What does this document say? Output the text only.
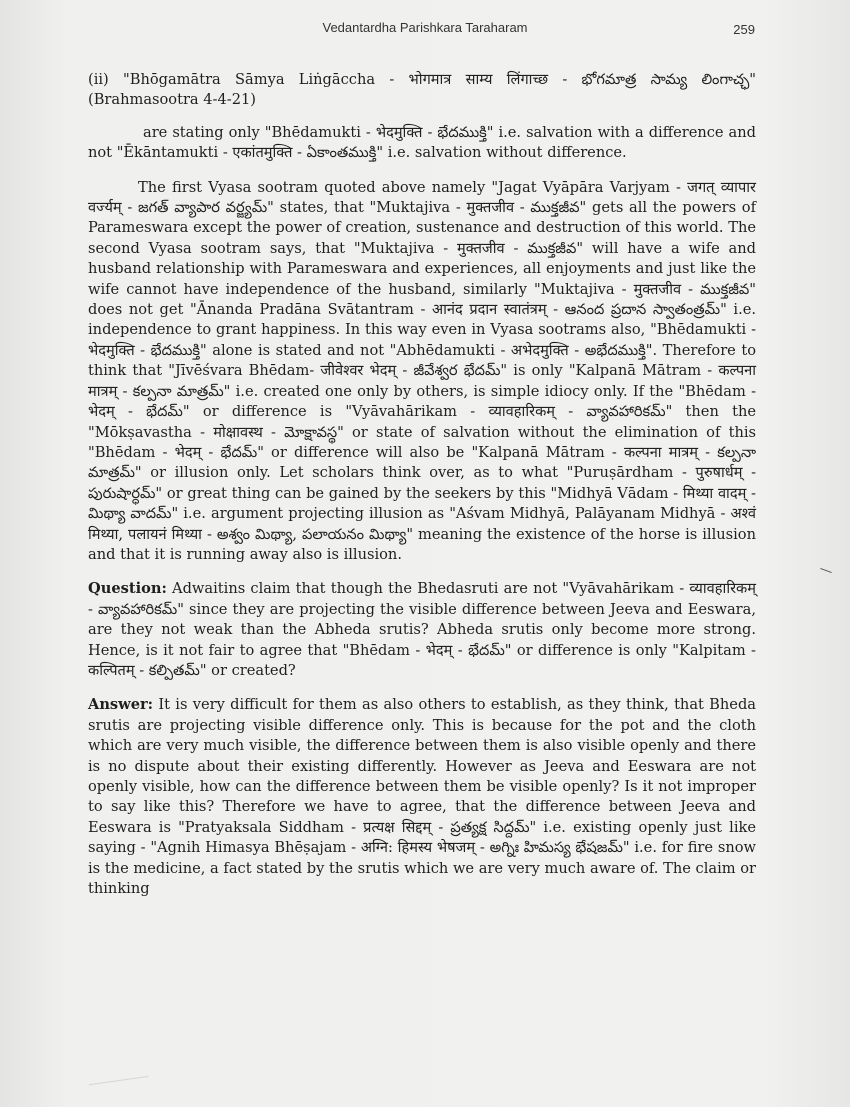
Vedantardha Parishkara Taraharam	259

(ii) "Bhōgamātra Sāmya Liṅgāccha - भोगमात्र साम्य लिंगाच्छ - భోగమాత్ర సామ్య లింగాచ్ఛ" (Brahmasootra 4-4-21)

are stating only "Bhēdamukti - भेदमुक्ति - భేదముక్తి" i.e. salvation with a difference and not "Ēkāntamukti - एकांतमुक्ति - ఏకాంతముక్తి" i.e. salvation without difference.

The first Vyasa sootram quoted above namely "Jagat Vyāpāra Varjyam - जगत् व्यापार वर्ज्यम् - జగత్ వ్యాపార వర్జ్యమ్" states, that "Muktajiva - मुक्तजीव - ముక్తజీవ" gets all the powers of Parameswara except the power of creation, sustenance and destruction of this world. The second Vyasa sootram says, that "Muktajiva - मुक्तजीव - ముక్తజీవ" will have a wife and husband relationship with Parameswara and experiences, all enjoyments and just like the wife cannot have independence of the husband, similarly "Muktajiva - मुक्तजीव - ముక్తజీవ" does not get "Ānanda Pradāna Svātantram - आनंद प्रदान स्वातंत्रम् - ఆనంద ప్రదాన స్వాతంత్రమ్" i.e. independence to grant happiness. In this way even in Vyasa sootrams also, "Bhēdamukti - भेदमुक्ति - భేదముక్తి" alone is stated and not "Abhēdamukti - अभेदमुक्ति - అభేదముక్తి". Therefore to think that "Jīvēśvara Bhēdam- जीवेश्वर भेदम् - జీవేశ్వర భేదమ్" is only "Kalpanā Mātram - कल्पना मात्रम् - కల్పనా మాత్రమ్" i.e. created one only by others, is simple idiocy only. If the "Bhēdam - भेदम् - భేదమ్" or difference is "Vyāvahārikam - व्यावहारिकम् - వ్యావహారికమ్" then the "Mōkṣavastha - मोक्षावस्थ - మోక్షావస్థ" or state of salvation without the elimination of this "Bhēdam - भेदम् - భేదమ్" or difference will also be "Kalpanā Mātram - कल्पना मात्रम् - కల్పనా మాత్రమ్" or illusion only. Let scholars think over, as to what "Puruṣārdham - पुरुषार्धम् - పురుషార్ధమ్" or great thing can be gained by the seekers by this "Midhyā Vādam - मिथ्या वादम् - మిథ్యా వాదమ్" i.e. argument projecting illusion as "Aśvam Midhyā, Palāyanam Midhyā - अश्वं मिथ्या, पलायनं मिथ्या - అశ్వం మిథ్యా, పలాయనం మిథ్యా" meaning the existence of the horse is illusion and that it is running away also is illusion.

Question: Adwaitins claim that though the Bhedasruti are not "Vyāvahārikam - व्यावहारिकम् - వ్యావహారికమ్" since they are projecting the visible difference between Jeeva and Eeswara, are they not weak than the Abheda srutis? Abheda srutis only become more strong. Hence, is it not fair to agree that "Bhēdam - भेदम् - భేదమ్" or difference is only "Kalpitam - कल्पितम् - కల్పితమ్" or created?

Answer: It is very difficult for them as also others to establish, as they think, that Bheda srutis are projecting visible difference only. This is because for the pot and the cloth which are very much visible, the difference between them is also visible openly and there is no dispute about their existing differently. However as Jeeva and Eeswara are not openly visible, how can the difference between them be visible openly? Is it not improper to say like this? Therefore we have to agree, that the difference between Jeeva and Eeswara is "Pratyaksala Siddham - प्रत्यक्ष सिद्दम् - ప్రత్యక్ష సిద్దమ్" i.e. existing openly just like saying - "Agnih Himasya Bhēṣajam - अग्नि: हिमस्य भेषजम् - అగ్నిః హిమస్య భేషజమ్" i.e. for fire snow is the medicine, a fact stated by the srutis which we are very much aware of. The claim or thinking
